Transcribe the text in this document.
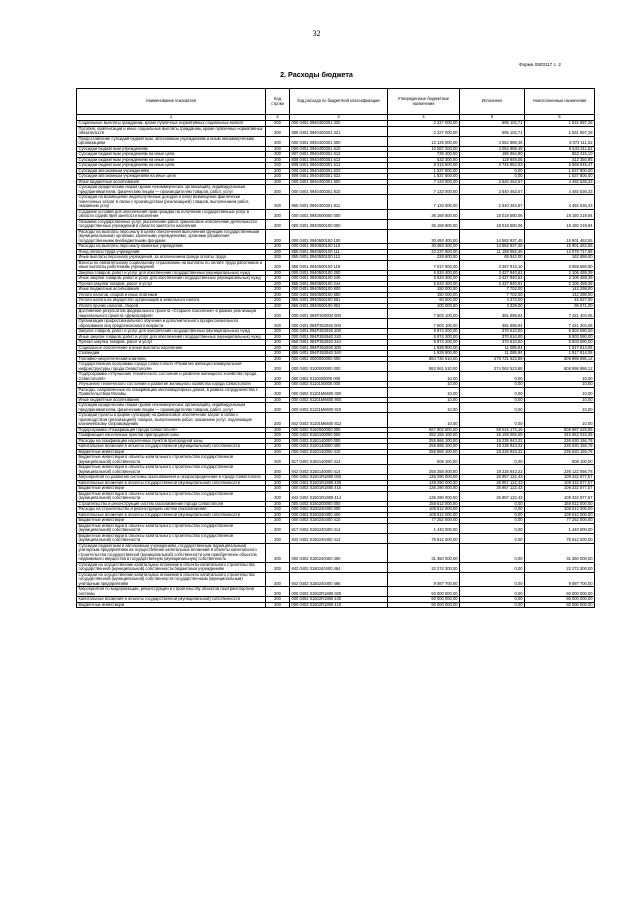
32
Форма 0503117 с. 2
2. Расходы бюджета
Наименование показателя	Код строки	Код расхода по бюджетной классификации	Утвержденные бюджетные назначения	Исполнено	Неисполненные назначения
1	2	3	4	5	6
Социальные выплаты гражданам, кроме публичных нормативных социальных выплат	200	000 0401 0940400301 320	2 227 000,00	695 102,71	1 531 897,29
Пособия, компенсации и иные социальные выплаты гражданам, кроме публичных нормативных обязательств	200	855 0401 0940400301 321	2 227 000,00	695 102,71	1 531 897,29
Предоставление субсидий бюджетным, автономным учреждениям и иным некоммерческим организациям	200	000 0401 0940400301 600	12 125 000,00	4 052 888,48	8 072 111,52
Субсидии бюджетным учреждениям	200	000 0401 0940400301 610	10 587 200,00	4 052 888,48	6 534 311,52
Субсидии бюджетным учреждениям на иные цели	200	807 0401 0940400301 612	739 400,00	185 984,90	553 415,10
Субсидии бюджетным учреждениям на иные цели	200	808 0401 0940400301 612	532 300,00	119 949,05	412 350,95
Субсидии бюджетным учреждениям на иные цели	200	809 0401 0940400301 612	9 315 500,00	3 746 954,53	5 568 545,47
Субсидии автономным учреждениям	200	000 0401 0940400301 620	1 537 800,00	0,00	1 537 800,00
Субсидии автономным учреждениям на иные цели	200	808 0401 0940400301 622	1 537 800,00	0,00	1 537 800,00
Иные бюджетные ассигнования	200	000 0401 0940400301 800	7 133 000,00	2 640 463,67	4 492 536,33
Субсидии юридическим лицам (кроме некоммерческих организаций), индивидуальным предпринимателям, физическим лицам — производителям товаров, работ, услуг	200	000 0401 0940400301 810	7 133 000,00	2 640 463,67	4 492 536,33
Субсидии на возмещение недополученных доходов и (или) возмещение фактически понесенных затрат в связи с производством (реализацией) товаров, выполнением работ, оказанием услуг	200	855 0401 0940400301 811	7 133 000,00	2 640 463,67	4 492 536,33
Создание условий для обеспечения прав граждан на получение государственных услуг в области содействия занятости населения	200	000 0401 0940500000 000	36 168 800,00	18 018 580,06	18 150 219,94
Оказание государственных услуг, выполнение работ, финансовое обеспечение деятельности государственных учреждений в области занятости населения	200	000 0401 0940500100 000	36 168 800,00	18 018 580,06	18 150 219,94
Расходы на выплаты персоналу в целях обеспечения выполнения функций государственными (муниципальными) органами, казенными учреждениями, органами управления государственными внебюджетными фондами	200	000 0401 0940500100 100	30 484 400,00	14 582 937,45	15 901 462,55
Расходы на выплаты персоналу казенных учреждений	200	000 0401 0940500100 110	30 484 400,00	14 582 937,45	15 901 462,55
Фонд оплаты труда учреждений	200	855 0401 0940500100 111	23 237 800,00	11 159 082,35	12 078 717,65
Иные выплаты персоналу учреждений, за исключением фонда оплаты труда	200	855 0401 0940500100 112	228 600,00	65 942,00	162 658,00
Взносы по обязательному социальному страхованию на выплаты по оплате труда работников и иные выплаты работникам учреждений	200	855 0401 0940500100 119	7 017 600,00	3 357 913,10	3 659 686,90
Закупка товаров, работ и услуг для обеспечения государственных (муниципальных) нужд	200	000 0401 0940500100 200	5 534 400,00	3 427 940,61	2 106 459,39
Иные закупки товаров, работ и услуг для обеспечения государственных (муниципальных) нужд	200	000 0401 0940500100 240	5 534 400,00	3 427 940,61	2 106 459,39
Прочая закупка товаров, работ и услуг	200	855 0401 0940500100 244	5 534 400,00	3 427 940,61	2 106 459,39
Иные бюджетные ассигнования	200	000 0401 0940500100 800	150 000,00	7 702,00	142 298,00
Уплата налогов, сборов и иных платежей	200	000 0401 0940500100 850	150 000,00	7 702,00	142 298,00
Уплата налога на имущество организаций и земельного налога	200	855 0401 0940500100 851	50 000,00	4 373,00	45 627,00
Уплата прочих налогов, сборов	200	855 0401 0940500100 852	100 000,00	3 329,00	96 671,00
Достижение результатов федерального проекта «Старшее поколение» в рамках реализации национального проекта «Демография»	200	000 0401 094P300000 000	7 803 100,00	381 695,94	7 421 404,06
Организация профессионального обучения и дополнительного профессионального образования лиц предпенсионного возраста	200	000 0401 094P352940 000	7 803 100,00	381 695,94	7 421 404,06
Закупка товаров, работ и услуг для обеспечения государственных (муниципальных) нужд	200	000 0401 094P352940 200	5 874 200,00	370 610,00	5 503 590,00
Иные закупки товаров, работ и услуг для обеспечения государственных (муниципальных) нужд	200	000 0401 094P352940 240	5 874 200,00	370 610,00	5 503 590,00
Прочая закупка товаров, работ и услуг	200	855 0401 094P352940 244	5 874 200,00	370 610,00	5 503 590,00
Социальное обеспечение и иные выплаты населению	200	000 0401 094P352940 300	1 928 900,00	11 085,94	1 917 814,06
Стипендии	200	855 0401 094P352940 340	1 928 900,00	11 085,94	1 917 814,06
Топливно-энергетический комплекс	200	000 0402 0000000000 000	884 730 610,00	275 731 623,88	608 998 986,12
Государственная программа города Севастополя «Развитие жилищно-коммунальной инфраструктуры города Севастополя»	200	000 0402 0100000000 000	883 061 510,00	274 062 523,88	608 998 986,12
Подпрограмма «Улучшение технического состояния и развитие жилищного хозяйства города Севастополя»	200	000 0402 0110000000 000	10,00	0,00	10,00
Улучшение технического состояния и развитие жилищного хозяйства города Севастополя	200	000 0402 0110100000 000	10,00	0,00	10,00
Расходы, направленные на газификацию многоквартирных домов, в рамках сотрудничества с Правительством Москвы	200	000 0402 01101M6600 000	10,00	0,00	10,00
Иные бюджетные ассигнования	200	000 0402 01101M6600 800	10,00	0,00	10,00
Субсидии юридическим лицам (кроме некоммерческих организаций), индивидуальным предпринимателям, физическим лицам — производителям товаров, работ, услуг	200	000 0402 01101M6600 810	10,00	0,00	10,00
Субсидии (гранты в форме субсидий) на финансовое обеспечение затрат в связи с производством (реализацией) товаров, выполнением работ, оказанием услуг, подлежащие казначейскому сопровождению	200	842 0402 01101M6600 812	10,00	0,00	10,00
Подпрограмма «Газификация города Севастополя»	200	000 0402 0150000000 000	567 902 600,00	58 015 174,15	509 887 425,85
Газификация населенных пунктов пригородной зоны	200	000 0402 0150100000 000	392 156 100,00	46 193 065,65	345 963 034,35
Расходы на газификацию населенных пунктов пригородной зоны	200	000 0402 0150140000 000	255 866 100,00	19 235 943,22	236 630 156,78
Капитальные вложения в объекты государственной (муниципальной) собственности	200	000 0402 0150140000 400	255 866 100,00	19 235 943,22	236 630 156,78
Бюджетные инвестиции	200	000 0402 0150140000 410	255 866 100,00	19 235 943,22	236 630 156,78
Бюджетные инвестиции в объекты капитального строительства государственной (муниципальной) собственности	200	817 0402 0150140000 414	508 100,00	0,00	508 100,00
Бюджетные инвестиции в объекты капитального строительства государственной (муниципальной) собственности	200	842 0402 0150140000 414	255 358 000,00	19 235 943,22	236 122 056,78
Мероприятия по развитию системы газоснабжения и газораспределения в городе Севастополе	200	000 0402 01501R1880 000	136 290 000,00	26 957 122,43	109 332 877,57
Капитальные вложения в объекты государственной (муниципальной) собственности	200	000 0402 01501R1880 400	136 290 000,00	26 957 122,43	109 332 877,57
Бюджетные инвестиции	200	000 0402 01501R1880 410	136 290 000,00	26 957 122,43	109 332 877,57
Бюджетные инвестиции в объекты капитального строительства государственной (муниципальной) собственности	200	842 0402 01501R1880 414	136 290 000,00	26 957 122,43	109 332 877,57
Строительство и реконструкция систем газоснабжения города Севастополя	200	000 0402 0150200000 000	158 612 000,00	0,00	158 612 000,00
Расходы на строительство и реконструкцию систем газоснабжения	200	000 0402 0150240400 000	108 612 000,00	0,00	108 612 000,00
Капитальные вложения в объекты государственной (муниципальной) собственности	200	000 0402 0150240400 400	108 612 000,00	0,00	108 612 000,00
Бюджетные инвестиции	200	000 0402 0150240400 410	77 252 000,00	0,00	77 252 000,00
Бюджетные инвестиции в объекты капитального строительства государственной (муниципальной) собственности	200	817 0402 0150240400 414	1 440 000,00	0,00	1 440 000,00
Бюджетные инвестиции в объекты капитального строительства государственной (муниципальной) собственности	200	842 0402 0150240400 414	75 812 000,00	0,00	75 812 000,00
Субсидии бюджетным и автономным учреждениям, государственным (муниципальным) унитарным предприятиям на осуществление капитальных вложений в объекты капитального строительства государственной (муниципальной) собственности или приобретение объектов недвижимого имущества в государственную (муниципальную) собственность	200	000 0402 0150240400 460	31 360 000,00	0,00	31 360 000,00
Субсидии на осуществление капитальных вложений в объекты капитального строительства государственной (муниципальной) собственности бюджетным учреждениям	200	842 0402 0150240400 464	22 272 300,00	0,00	22 272 300,00
Субсидии на осуществление капитальных вложений в объекты капитального строительства государственной (муниципальной) собственности государственным (муниципальным) унитарным предприятиям	200	842 0402 0150240400 466	9 087 700,00	0,00	9 087 700,00
Мероприятия по модернизации, реконструкции и строительству объектов газотранспортной системы	200	000 0402 01502R1880 000	50 000 000,00	0,00	50 000 000,00
Капитальные вложения в объекты государственной (муниципальной) собственности	200	000 0402 01502R1880 400	50 000 000,00	0,00	50 000 000,00
Бюджетные инвестиции	200	000 0402 01502R1880 410	50 000 000,00	0,00	50 000 000,00
